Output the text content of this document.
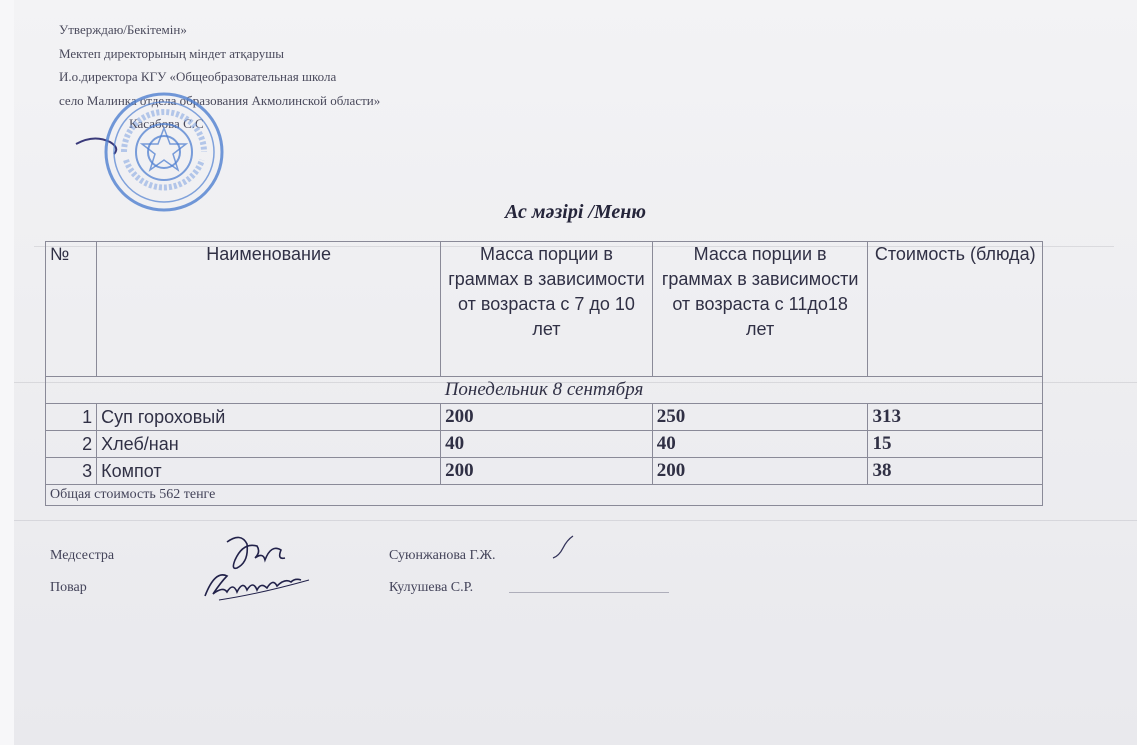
Утверждаю/Бекітемін»
Мектеп директорының міндет атқарушы
И.о.директора КГУ «Общеобразовательная школа
село Малинка отдела образования Акмолинской области»
Касабова С.С
Ас мәзірі /Меню
№	Наименование	Масса порции в граммах в зависимости от возраста с 7 до 10 лет	Масса порции в граммах в зависимости от возраста с 11до18 лет	Стоимость (блюда)
Понедельник 8 сентября				
1	Суп гороховый	200	250	313
2	Хлеб/нан	40	40	15
3	Компот	200	200	38
Общая стоимость 562 тенге				
Медсестра	Суюнжанова Г.Ж.
Повар	Кулушева С.Р.
